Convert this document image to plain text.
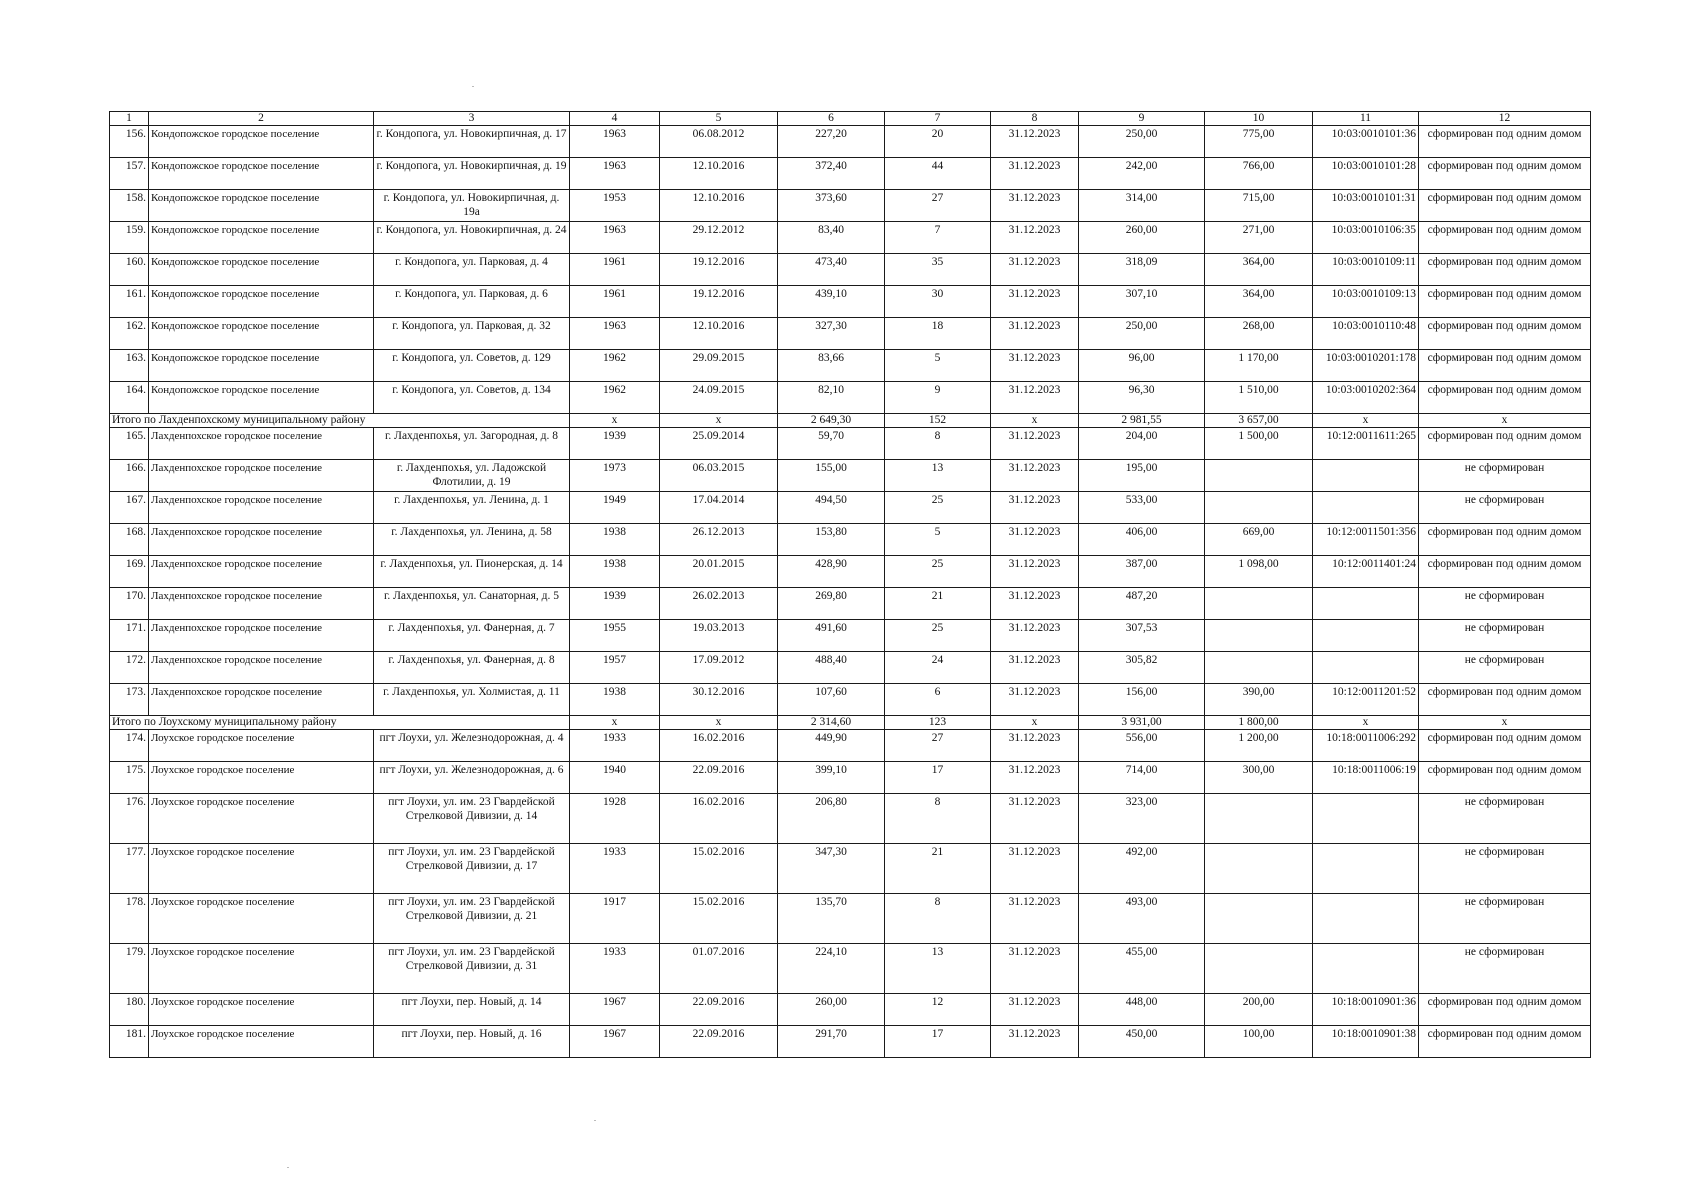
1	2	3	4	5	6	7	8	9	10	11	12
156.	Кондопожское городское поселение	г. Кондопога, ул. Новокирпичная, д. 17	1963	06.08.2012	227,20	20	31.12.2023	250,00	775,00	10:03:0010101:36	сформирован под одним домом
157.	Кондопожское городское поселение	г. Кондопога, ул. Новокирпичная, д. 19	1963	12.10.2016	372,40	44	31.12.2023	242,00	766,00	10:03:0010101:28	сформирован под одним домом
158.	Кондопожское городское поселение	г. Кондопога, ул. Новокирпичная, д. 19а	1953	12.10.2016	373,60	27	31.12.2023	314,00	715,00	10:03:0010101:31	сформирован под одним домом
159.	Кондопожское городское поселение	г. Кондопога, ул. Новокирпичная, д. 24	1963	29.12.2012	83,40	7	31.12.2023	260,00	271,00	10:03:0010106:35	сформирован под одним домом
160.	Кондопожское городское поселение	г. Кондопога, ул. Парковая, д. 4	1961	19.12.2016	473,40	35	31.12.2023	318,09	364,00	10:03:0010109:11	сформирован под одним домом
161.	Кондопожское городское поселение	г. Кондопога, ул. Парковая, д. 6	1961	19.12.2016	439,10	30	31.12.2023	307,10	364,00	10:03:0010109:13	сформирован под одним домом
162.	Кондопожское городское поселение	г. Кондопога, ул. Парковая, д. 32	1963	12.10.2016	327,30	18	31.12.2023	250,00	268,00	10:03:0010110:48	сформирован под одним домом
163.	Кондопожское городское поселение	г. Кондопога, ул. Советов, д. 129	1962	29.09.2015	83,66	5	31.12.2023	96,00	1 170,00	10:03:0010201:178	сформирован под одним домом
164.	Кондопожское городское поселение	г. Кондопога, ул. Советов, д. 134	1962	24.09.2015	82,10	9	31.12.2023	96,30	1 510,00	10:03:0010202:364	сформирован под одним домом
Итого по Лахденпохскому муниципальному району			x	x	2 649,30	152	x	2 981,55	3 657,00	x	x
165.	Лахденпохское городское поселение	г. Лахденпохья, ул. Загородная, д. 8	1939	25.09.2014	59,70	8	31.12.2023	204,00	1 500,00	10:12:0011611:265	сформирован под одним домом
166.	Лахденпохское городское поселение	г. Лахденпохья, ул. Ладожской Флотилии, д. 19	1973	06.03.2015	155,00	13	31.12.2023	195,00			не сформирован
167.	Лахденпохское городское поселение	г. Лахденпохья, ул. Ленина, д. 1	1949	17.04.2014	494,50	25	31.12.2023	533,00			не сформирован
168.	Лахденпохское городское поселение	г. Лахденпохья, ул. Ленина, д. 58	1938	26.12.2013	153,80	5	31.12.2023	406,00	669,00	10:12:0011501:356	сформирован под одним домом
169.	Лахденпохское городское поселение	г. Лахденпохья, ул. Пионерская, д. 14	1938	20.01.2015	428,90	25	31.12.2023	387,00	1 098,00	10:12:0011401:24	сформирован под одним домом
170.	Лахденпохское городское поселение	г. Лахденпохья, ул. Санаторная, д. 5	1939	26.02.2013	269,80	21	31.12.2023	487,20			не сформирован
171.	Лахденпохское городское поселение	г. Лахденпохья, ул. Фанерная, д. 7	1955	19.03.2013	491,60	25	31.12.2023	307,53			не сформирован
172.	Лахденпохское городское поселение	г. Лахденпохья, ул. Фанерная, д. 8	1957	17.09.2012	488,40	24	31.12.2023	305,82			не сформирован
173.	Лахденпохское городское поселение	г. Лахденпохья, ул. Холмистая, д. 11	1938	30.12.2016	107,60	6	31.12.2023	156,00	390,00	10:12:0011201:52	сформирован под одним домом
Итого по Лоухскому муниципальному району			x	x	2 314,60	123	x	3 931,00	1 800,00	x	x
174.	Лоухское городское поселение	пгт Лоухи, ул. Железнодорожная, д. 4	1933	16.02.2016	449,90	27	31.12.2023	556,00	1 200,00	10:18:0011006:292	сформирован под одним домом
175.	Лоухское городское поселение	пгт Лоухи, ул. Железнодорожная, д. 6	1940	22.09.2016	399,10	17	31.12.2023	714,00	300,00	10:18:0011006:19	сформирован под одним домом
176.	Лоухское городское поселение	пгт Лоухи, ул. им. 23 Гвардейской Стрелковой Дивизии, д. 14	1928	16.02.2016	206,80	8	31.12.2023	323,00			не сформирован
177.	Лоухское городское поселение	пгт Лоухи, ул. им. 23 Гвардейской Стрелковой Дивизии, д. 17	1933	15.02.2016	347,30	21	31.12.2023	492,00			не сформирован
178.	Лоухское городское поселение	пгт Лоухи, ул. им. 23 Гвардейской Стрелковой Дивизии, д. 21	1917	15.02.2016	135,70	8	31.12.2023	493,00			не сформирован
179.	Лоухское городское поселение	пгт Лоухи, ул. им. 23 Гвардейской Стрелковой Дивизии, д. 31	1933	01.07.2016	224,10	13	31.12.2023	455,00			не сформирован
180.	Лоухское городское поселение	пгт Лоухи, пер. Новый, д. 14	1967	22.09.2016	260,00	12	31.12.2023	448,00	200,00	10:18:0010901:36	сформирован под одним домом
181.	Лоухское городское поселение	пгт Лоухи, пер. Новый, д. 16	1967	22.09.2016	291,70	17	31.12.2023	450,00	100,00	10:18:0010901:38	сформирован под одним домом
